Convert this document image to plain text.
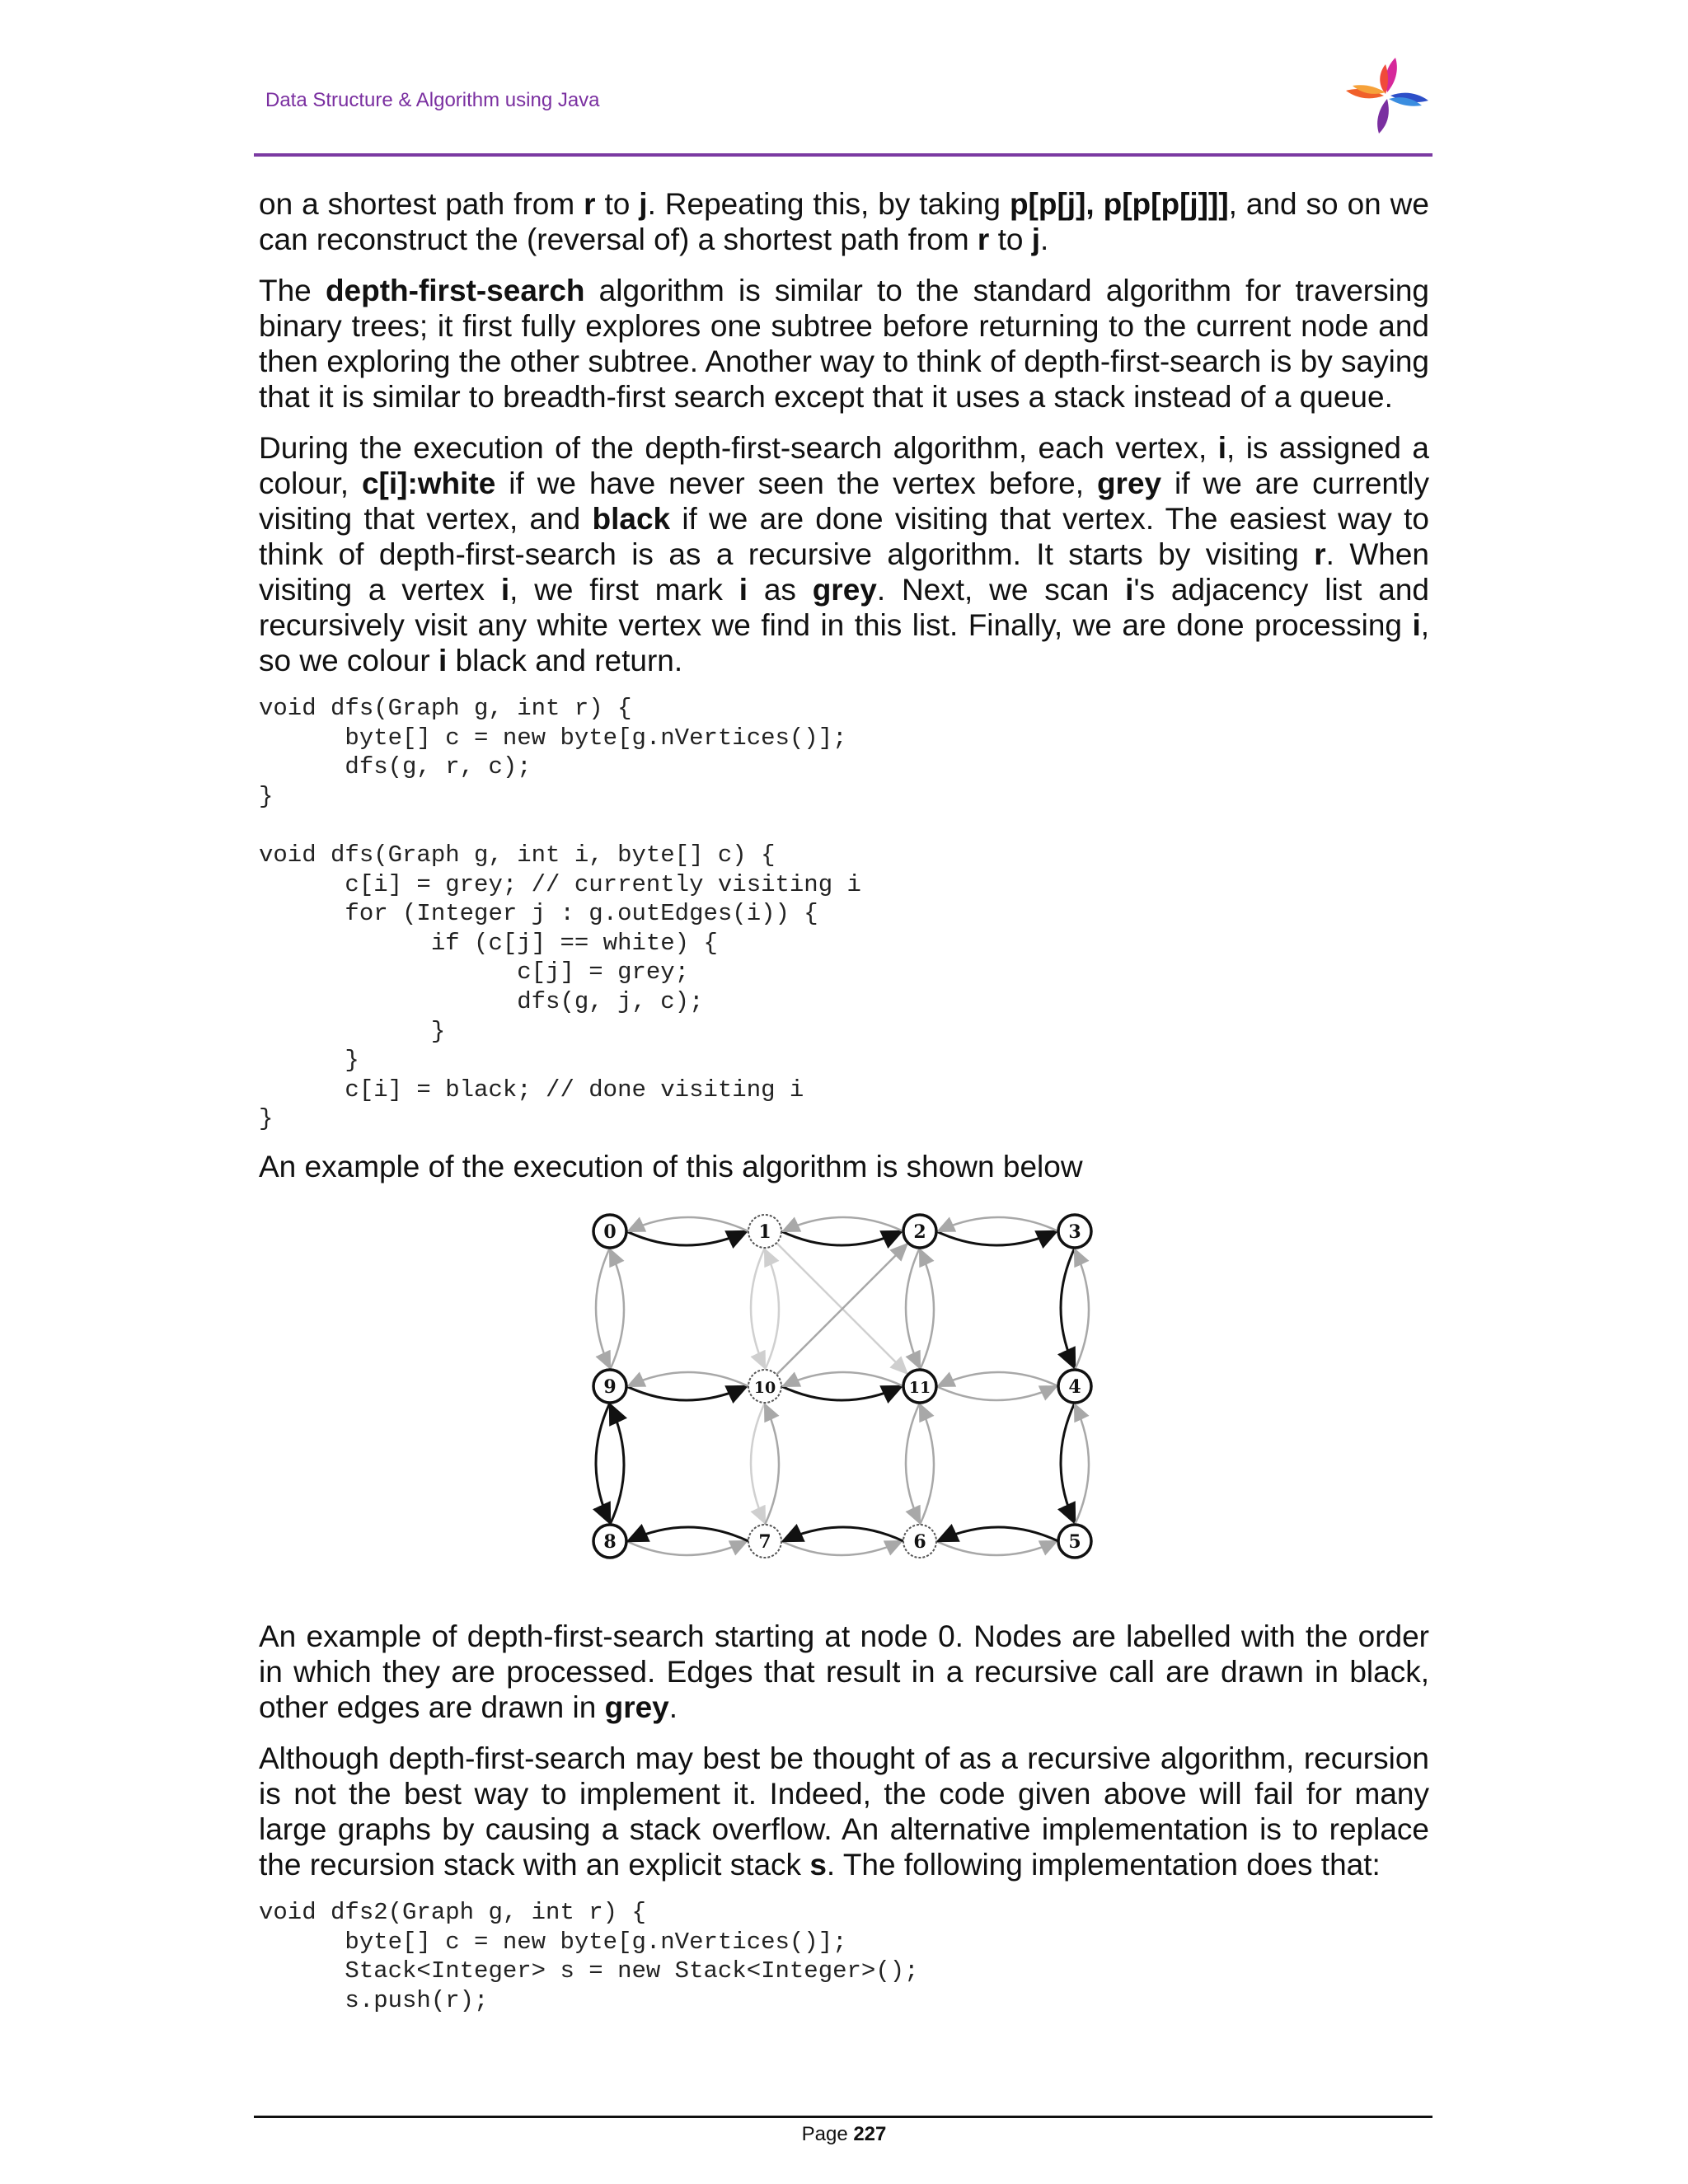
Data Structure & Algorithm using Java

on a shortest path from r to j. Repeating this, by taking p[p[j], p[p[p[j]]], and so on we can reconstruct the (reversal of) a shortest path from r to j.

The depth-first-search algorithm is similar to the standard algorithm for traversing binary trees; it first fully explores one subtree before returning to the current node and then exploring the other subtree. Another way to think of depth-first-search is by saying that it is similar to breadth-first search except that it uses a stack instead of a queue.

During the execution of the depth-first-search algorithm, each vertex, i, is assigned a colour, c[i]:white if we have never seen the vertex before, grey if we are currently visiting that vertex, and black if we are done visiting that vertex. The easiest way to think of depth-first-search is as a recursive algorithm. It starts by visiting r. When visiting a vertex i, we first mark i as grey. Next, we scan i's adjacency list and recursively visit any white vertex we find in this list. Finally, we are done processing i, so we colour i black and return.

void dfs(Graph g, int r) {
byte[] c = new byte[g.nVertices()];
dfs(g, r, c);
}

void dfs(Graph g, int i, byte[] c) {
c[i] = grey; // currently visiting i
for (Integer j : g.outEdges(i)) {
if (c[j] == white) {
c[j] = grey;
dfs(g, j, c);
}
}
c[i] = black; // done visiting i
}

An example of the execution of this algorithm is shown below

An example of depth-first-search starting at node 0. Nodes are labelled with the order in which they are processed. Edges that result in a recursive call are drawn in black, other edges are drawn in grey.

Although depth-first-search may best be thought of as a recursive algorithm, recursion is not the best way to implement it. Indeed, the code given above will fail for many large graphs by causing a stack overflow. An alternative implementation is to replace the recursion stack with an explicit stack s. The following implementation does that:

void dfs2(Graph g, int r) {
byte[] c = new byte[g.nVertices()];
Stack<Integer> s = new Stack<Integer>();
s.push(r);
0	1	2	3
9	10	11	4
8	7	6	5
Page 227
